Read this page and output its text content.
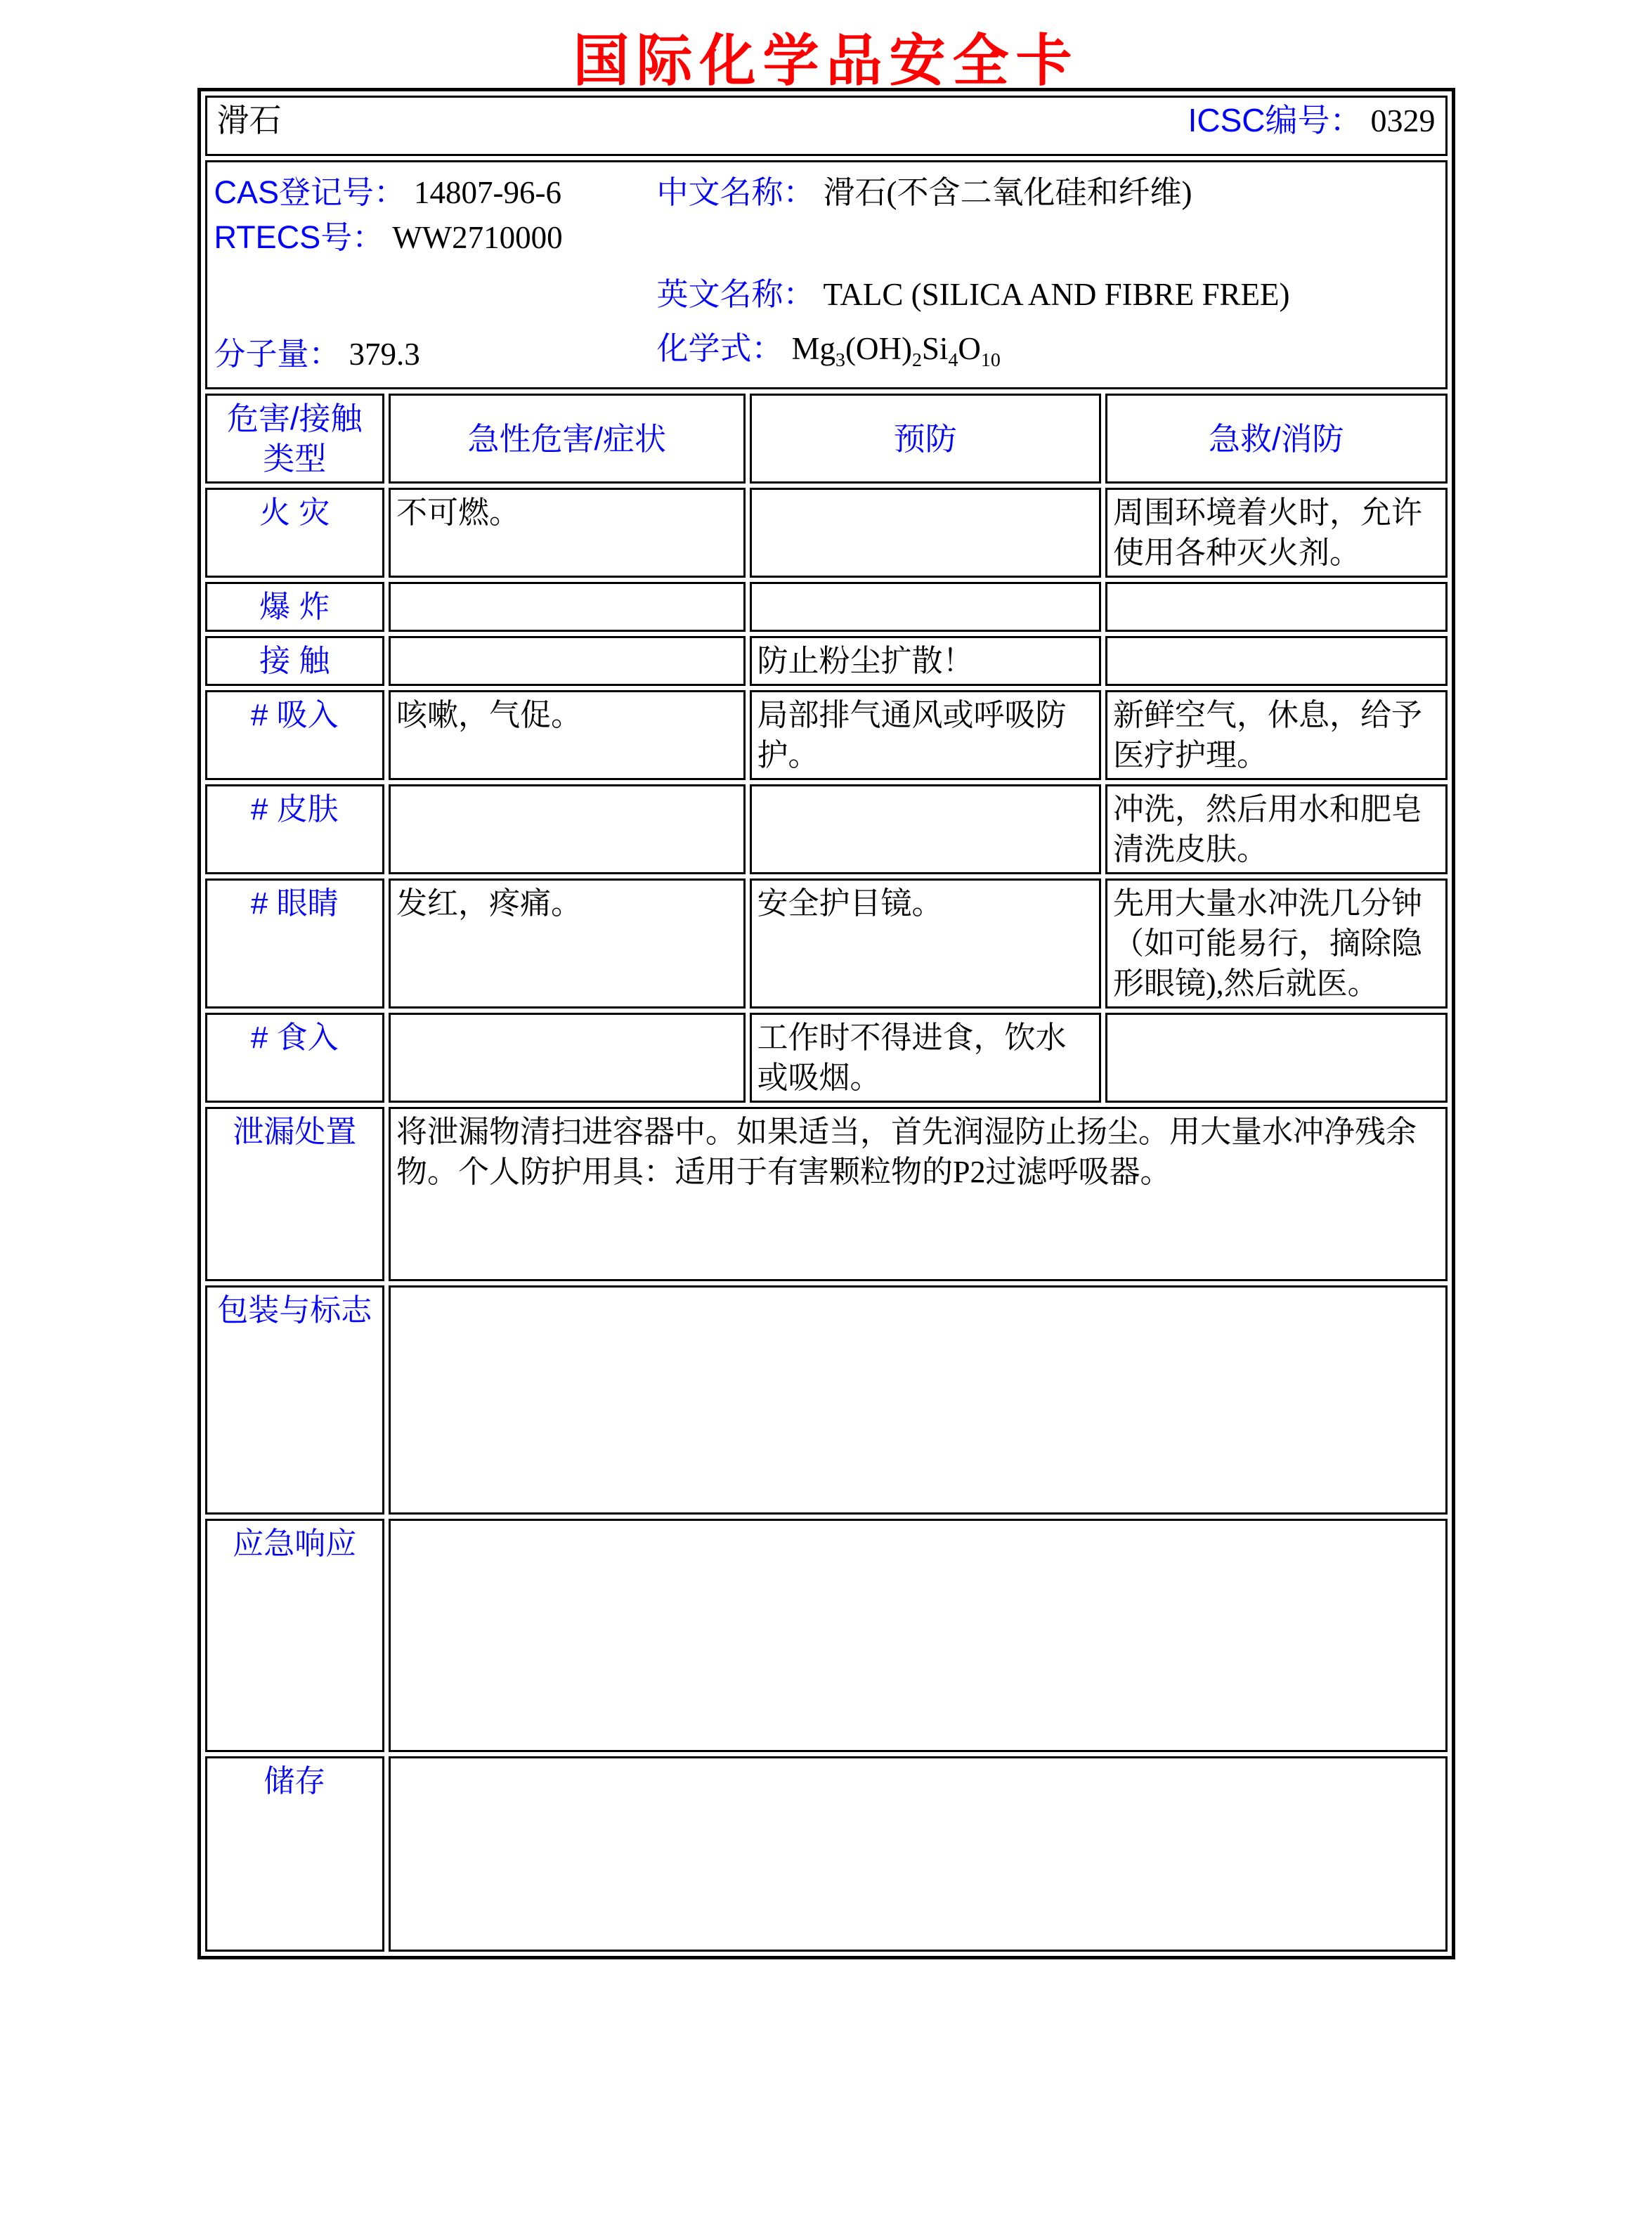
国际化学品安全卡
滑石 ICSC编号： 0329			

CAS登记号： 14807-96-6	中文名称： 滑石(不含二氧化硅和纤维)
RTECS号： WW2710000
英文名称： TALC (SILICA AND FIBRE FREE)
分子量： 379.3	化学式： $Mg_3(OH)_2Si_4O_{10}$

危害/接触类型	急性危害/症状	预防	急救/消防
火 灾	不可燃。		周围环境着火时，允许使用各种灭火剂。
爆 炸			
接 触		防止粉尘扩散！	
# 吸入	咳嗽，气促。	局部排气通风或呼吸防护。	新鲜空气，休息，给予医疗护理。
# 皮肤			冲洗，然后用水和肥皂清洗皮肤。
# 眼睛	发红，疼痛。	安全护目镜。	先用大量水冲洗几分钟（如可能易行，摘除隐形眼镜),然后就医。
# 食入		工作时不得进食，饮水或吸烟。	
泄漏处置	将泄漏物清扫进容器中。如果适当，首先润湿防止扬尘。用大量水冲净残余物。个人防护用具：适用于有害颗粒物的P2过滤呼吸器。		
包装与标志			
应急响应			
储存			
